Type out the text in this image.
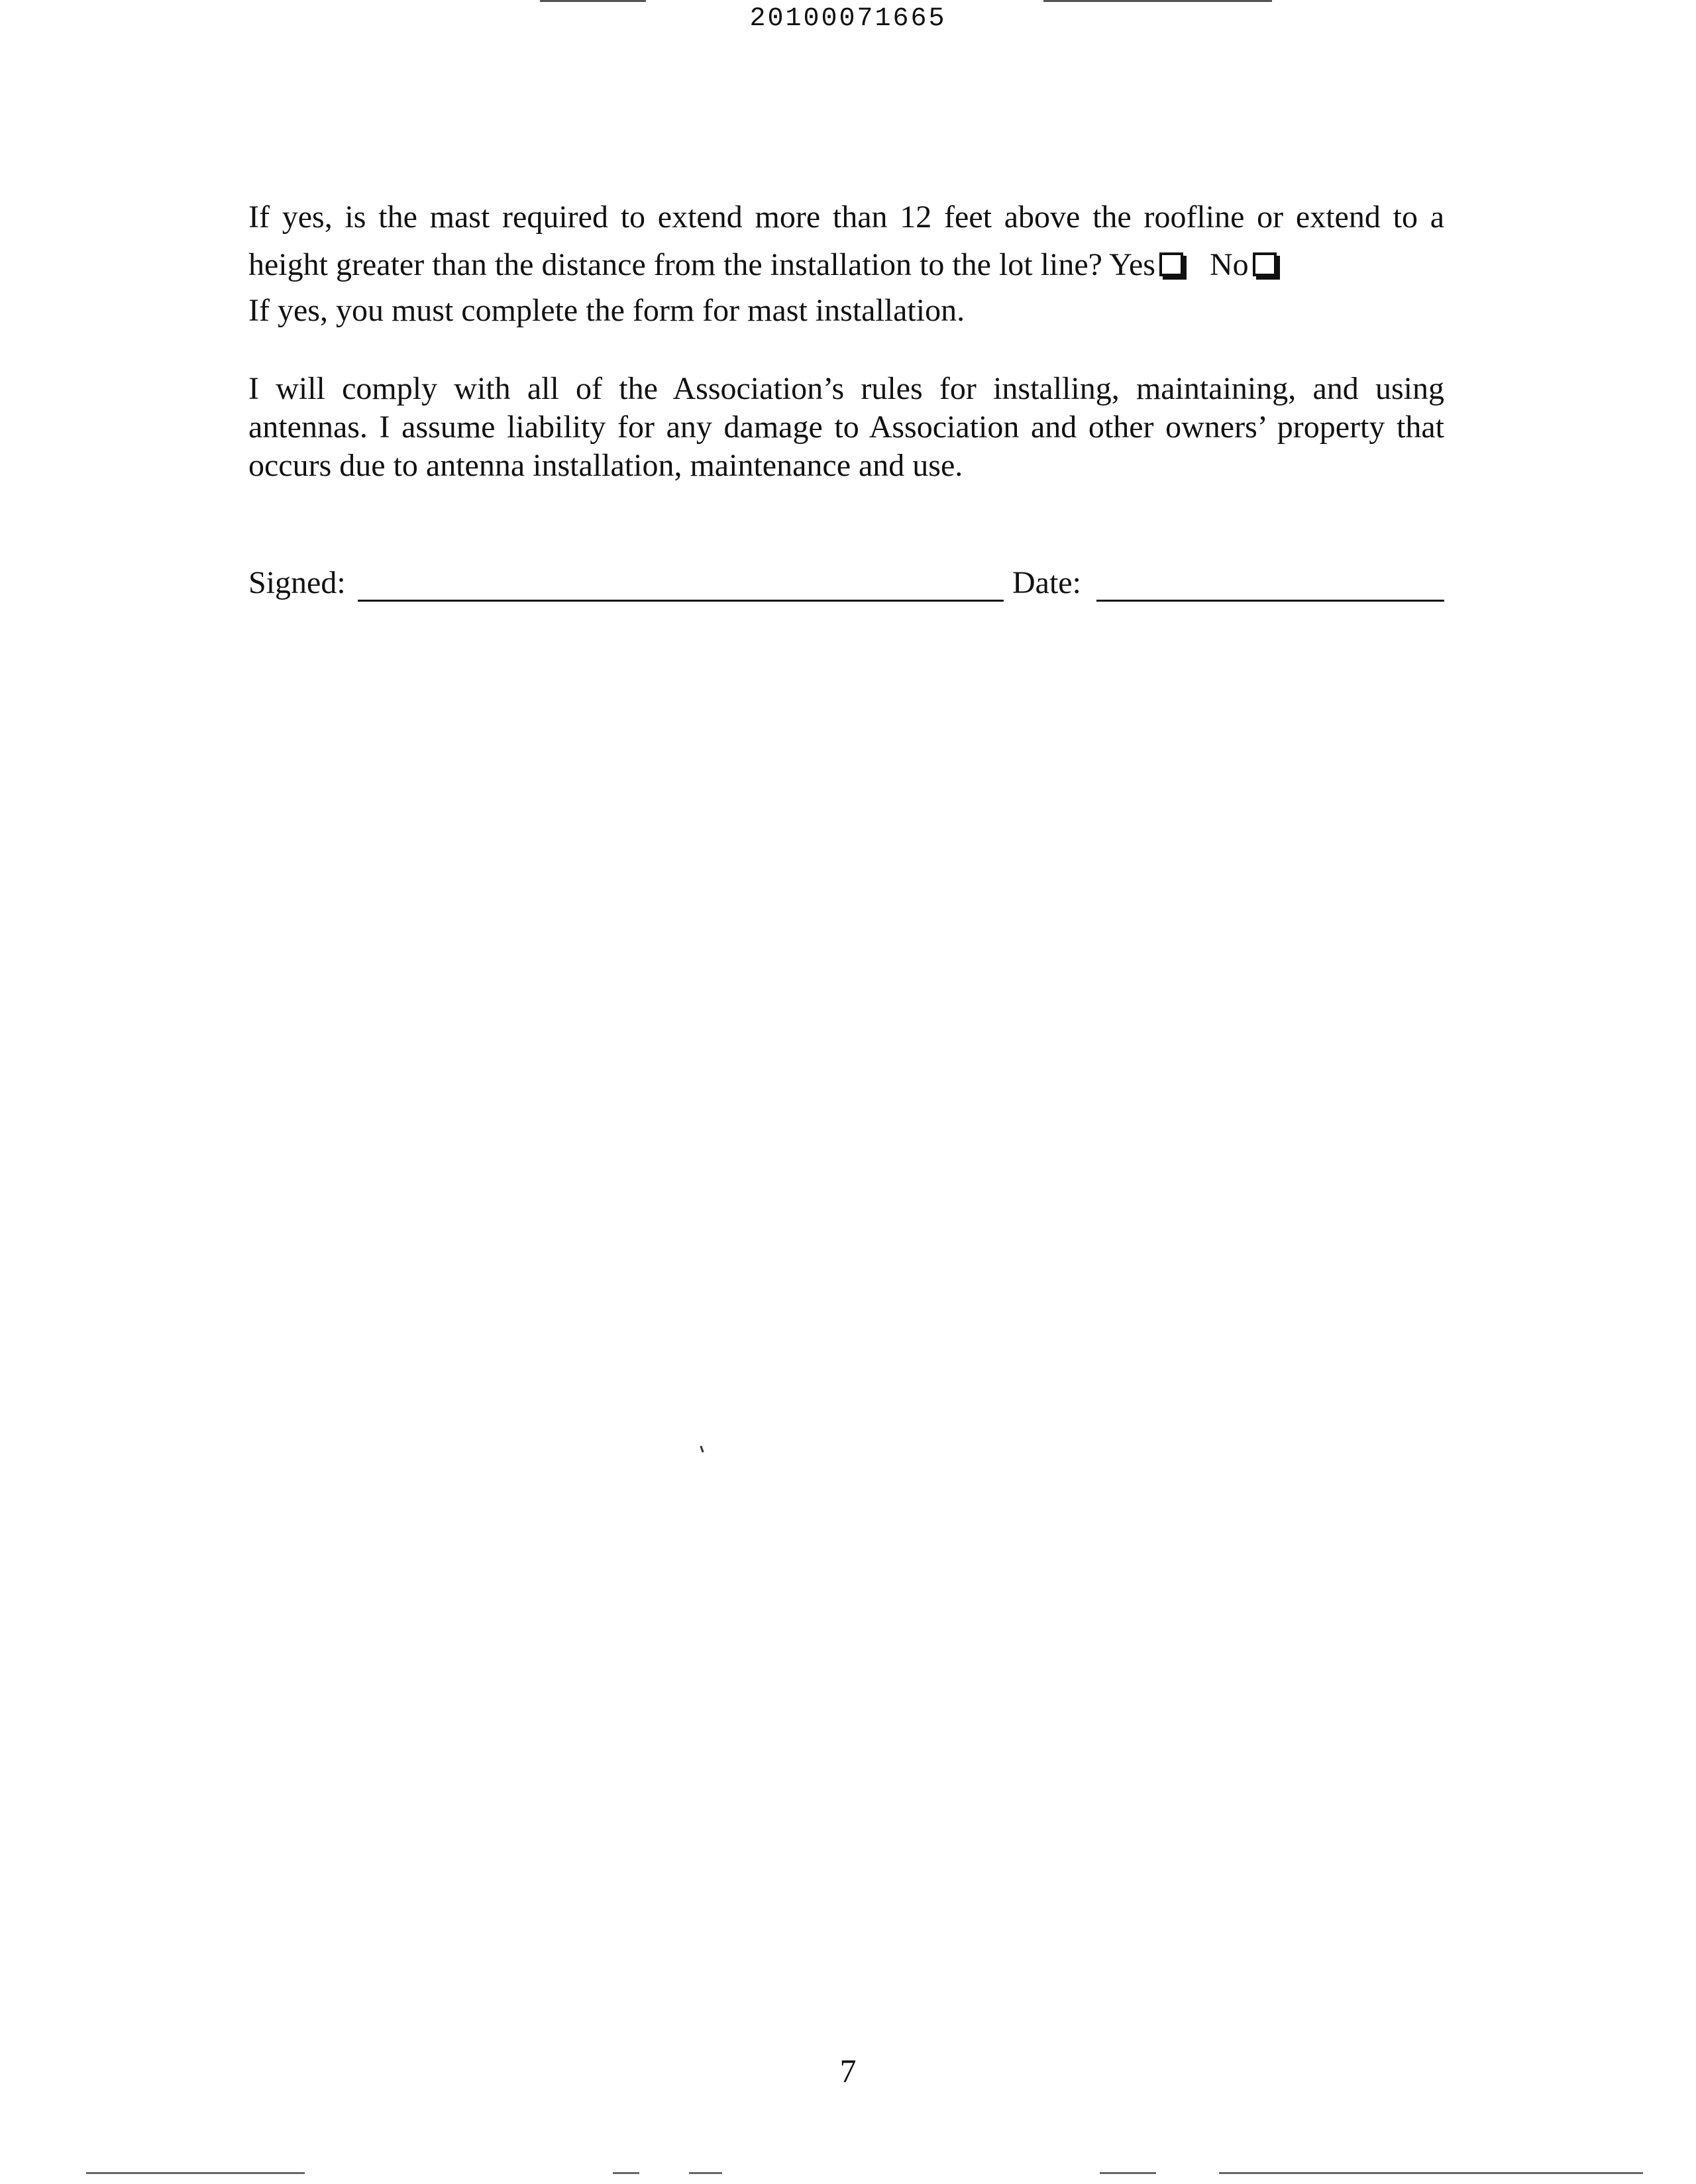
20100071665
If yes, is the mast required to extend more than 12 feet above the roofline or extend to a
height greater than the distance from the installation to the lot line? Yes No
If yes, you must complete the form for mast installation.
I will comply with all of the Association’s rules for installing, maintaining, and using antennas. I assume liability for any damage to Association and other owners’ property that occurs due to antenna installation, maintenance and use.
Signed:	Date:
7
